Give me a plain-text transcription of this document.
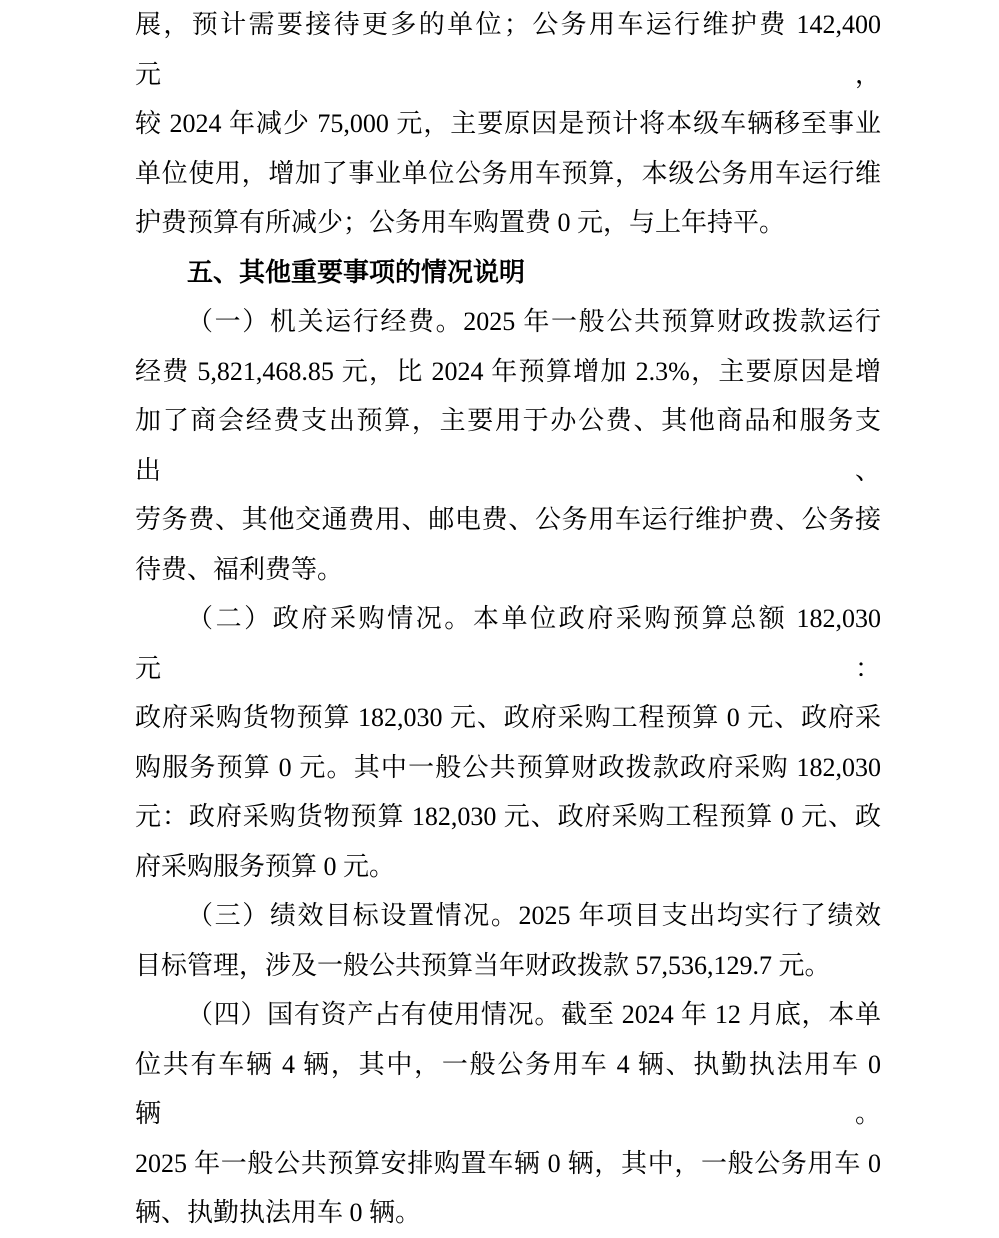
展，预计需要接待更多的单位；公务用车运行维护费 142,400 元，
较 2024 年减少 75,000 元，主要原因是预计将本级车辆移至事业
单位使用，增加了事业单位公务用车预算，本级公务用车运行维
护费预算有所减少；公务用车购置费 0 元，与上年持平。
五、其他重要事项的情况说明
（一）机关运行经费。2025 年一般公共预算财政拨款运行
经费 5,821,468.85 元，比 2024 年预算增加 2.3%，主要原因是增
加了商会经费支出预算，主要用于办公费、其他商品和服务支出、
劳务费、其他交通费用、邮电费、公务用车运行维护费、公务接
待费、福利费等。
（二）政府采购情况。本单位政府采购预算总额 182,030 元：
政府采购货物预算 182,030 元、政府采购工程预算 0 元、政府采
购服务预算 0 元。其中一般公共预算财政拨款政府采购 182,030
元：政府采购货物预算 182,030 元、政府采购工程预算 0 元、政
府采购服务预算 0 元。
（三）绩效目标设置情况。2025 年项目支出均实行了绩效
目标管理，涉及一般公共预算当年财政拨款 57,536,129.7 元。
（四）国有资产占有使用情况。截至 2024 年 12 月底，本单
位共有车辆 4 辆，其中，一般公务用车 4 辆、执勤执法用车 0 辆。
2025 年一般公共预算安排购置车辆 0 辆，其中，一般公务用车 0
辆、执勤执法用车 0 辆。
